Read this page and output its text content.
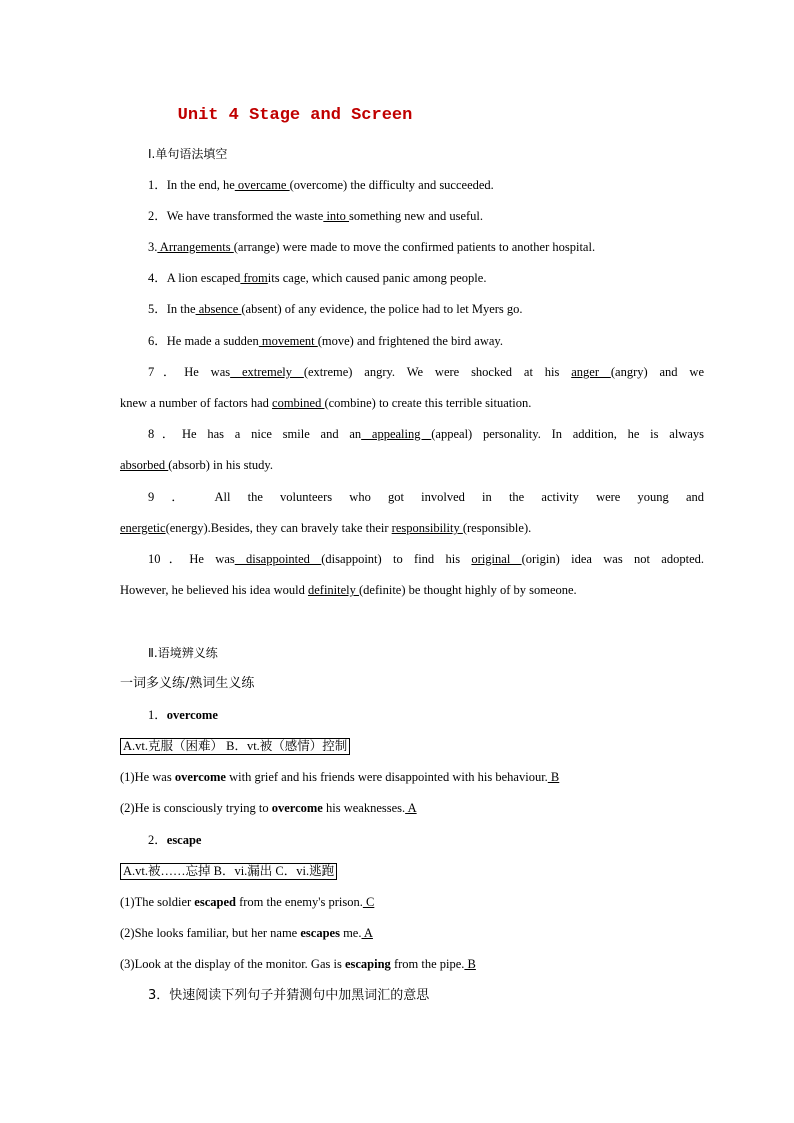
Unit 4 Stage and Screen
Ⅰ.单句语法填空
1．In the end, he overcame (overcome) the difficulty and succeeded.
2．We have transformed the waste into something new and useful.
3. Arrangements (arrange) were made to move the confirmed patients to another hospital.
4．A lion escaped fromits cage, which caused panic among people.
5．In the absence (absent) of any evidence, the police had to let Myers go.
6．He made a sudden movement (move) and frightened the bird away.
7．He was extremely (extreme) angry. We were shocked at his anger (angry) and we
knew a number of factors had combined (combine) to create this terrible situation.
8．He has a nice smile and an appealing (appeal) personality. In addition, he is always
absorbed (absorb) in his study.
9 ． All the volunteers who got involved in the activity were young and
energetic(energy).Besides, they can bravely take their responsibility (responsible).
10．He was disappointed (disappoint) to find his original (origin) idea was not adopted.
However, he believed his idea would definitely (definite) be thought highly of by someone.
Ⅱ.语境辨义练
一词多义练/熟词生义练
1．overcome
A.vt.克服（困难） B．vt.被（感情）控制
(1)He was overcome with grief and his friends were disappointed with his behaviour. B
(2)He is consciously trying to overcome his weaknesses. A
2．escape
A.vt.被……忘掉 B．vi.漏出 C．vi.逃跑
(1)The soldier escaped from the enemy's prison. C
(2)She looks familiar, but her name escapes me. A
(3)Look at the display of the monitor. Gas is escaping from the pipe. B
3．快速阅读下列句子并猜测句中加黑词汇的意思
